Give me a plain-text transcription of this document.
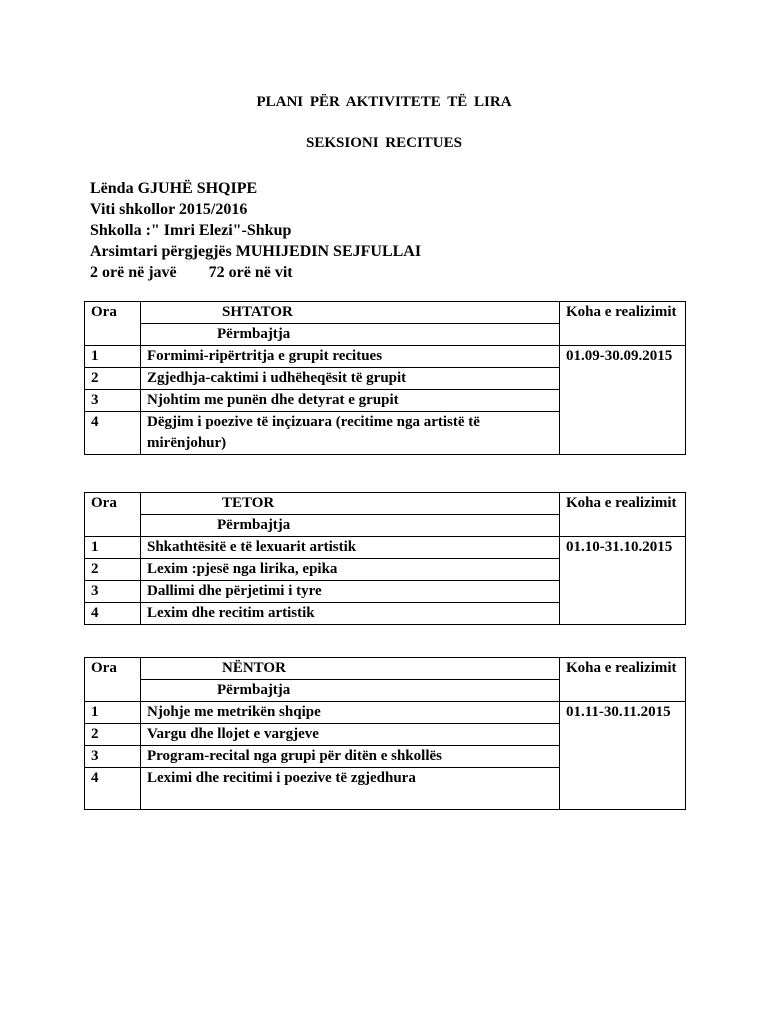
PLANI PËR AKTIVITETE TË LIRA
SEKSIONI RECITUES
Lënda GJUHË SHQIPE
Viti shkollor 2015/2016
Shkolla :" Imri Elezi"-Shkup
Arsimtari përgjegjës MUHIJEDIN SEJFULLAI
2 orë në javë        72 orë në vit
Ora	SHTATOR	Koha e realizimit
	Përmbajtja	
1	Formimi-ripërtritja e grupit recitues	01.09-30.09.2015
2	Zgjedhja-caktimi i udhëheqësit të grupit	
3	Njohtim me punën dhe detyrat e grupit	
4	Dëgjim i poezive të inçizuara (recitime nga artistë të mirënjohur)	
Ora	TETOR	Koha e realizimit
	Përmbajtja	
1	Shkathtësitë e të lexuarit artistik	01.10-31.10.2015
2	Lexim :pjesë nga lirika, epika	
3	Dallimi dhe përjetimi i tyre	
4	Lexim dhe recitim artistik	
Ora	NËNTOR	Koha e realizimit
	Përmbajtja	
1	Njohje me metrikën shqipe	01.11-30.11.2015
2	Vargu dhe llojet e vargjeve	
3	Program-recital nga grupi për ditën e shkollës	
4	Leximi dhe recitimi i poezive të zgjedhura	
